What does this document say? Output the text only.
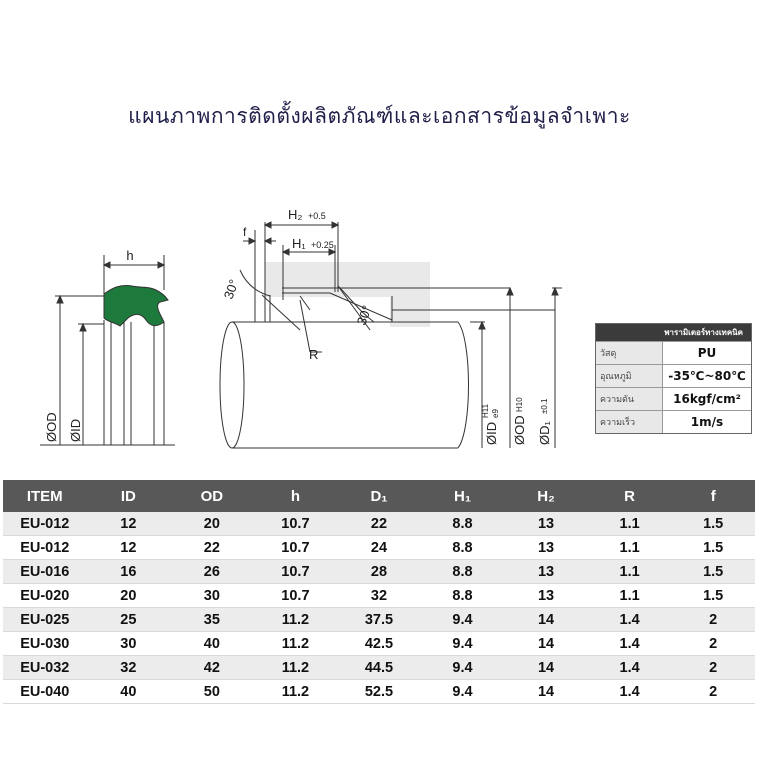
แผนภาพการติดตั้งผลิตภัณฑ์และเอกสารข้อมูลจำเพาะ
h
ØOD ØID
f
H₂ +0.5
H₁ +0.25
30°
30°
R
ØID
H11 e9
ØOD
H10
ØD₁
±0.1
พารามิเตอร์ทางเทคนิค
วัสดุ	PU
อุณหภูมิ	-35℃~80℃
ความดัน	16kgf/cm²
ความเร็ว	1m/s
ITEM	ID	OD	h	D₁	H₁	H₂	R	f
EU-012	12	20	10.7	22	8.8	13	1.1	1.5
EU-012	12	22	10.7	24	8.8	13	1.1	1.5
EU-016	16	26	10.7	28	8.8	13	1.1	1.5
EU-020	20	30	10.7	32	8.8	13	1.1	1.5
EU-025	25	35	11.2	37.5	9.4	14	1.4	2
EU-030	30	40	11.2	42.5	9.4	14	1.4	2
EU-032	32	42	11.2	44.5	9.4	14	1.4	2
EU-040	40	50	11.2	52.5	9.4	14	1.4	2
